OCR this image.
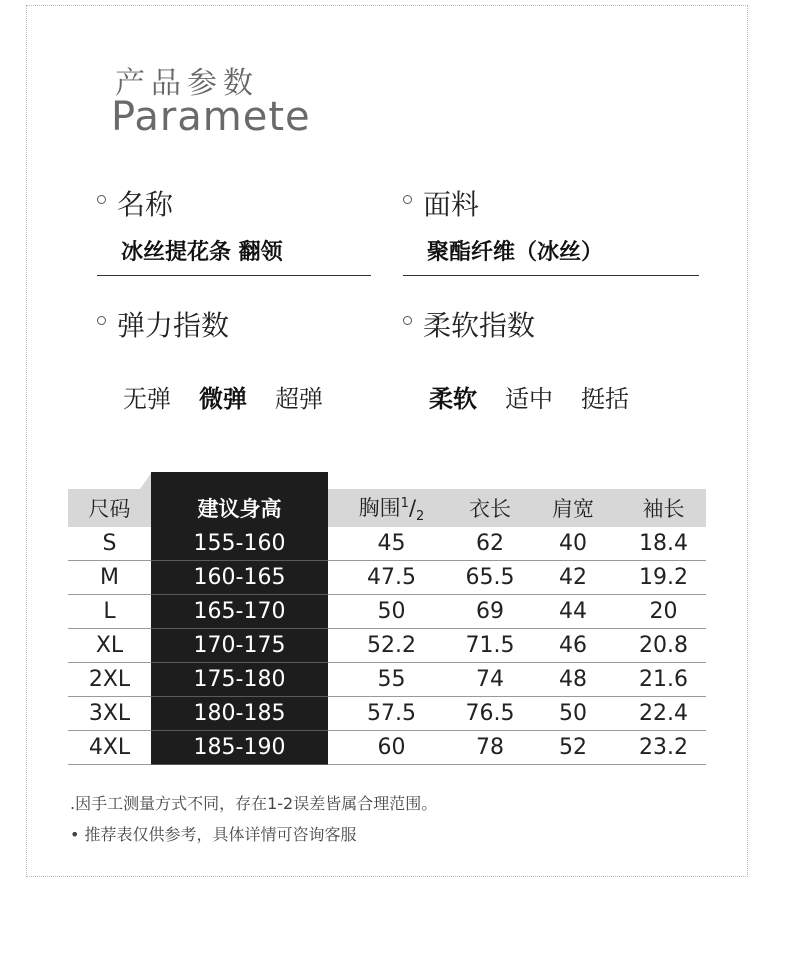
产品参数
Paramete
名称
冰丝提花条 翻领
面料
聚酯纤维（冰丝）
弹力指数
无弹 微弹 超弹
柔软指数
柔软 适中 挺括

尺码	建议身高	胸围$^1/_2$	衣长	肩宽	袖长
S	155-160	45	62	40	18.4
M	160-165	47.5	65.5	42	19.2
L	165-170	50	69	44	20
XL	170-175	52.2	71.5	46	20.8
2XL	175-180	55	74	48	21.6
3XL	180-185	57.5	76.5	50	22.4
4XL	185-190	60	78	52	23.2
.因手工测量方式不同，存在1-2误差皆属合理范围。
• 推荐表仅供参考，具体详情可咨询客服
